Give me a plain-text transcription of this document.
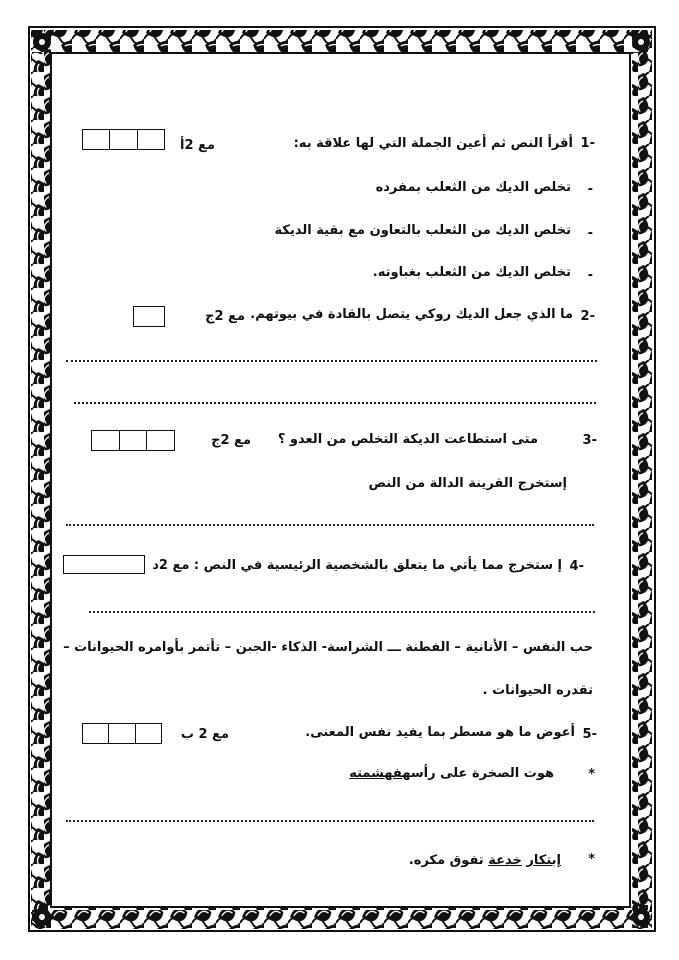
1-
أقرأ النص ثم أعين الجملة التي لها علاقة به:
مع 2أ
-
تخلص الديك من الثعلب بمفرده
-
تخلص الديك من الثعلب بالتعاون مع بقية الديكة
-
تخلص الديك من الثعلب بغباوته.
2-
ما الذي جعل الديك روكي يتصل بالقادة في بيوتهم.
مع 2ج
3-
متى استطاعت الديكة التخلص من العدو ؟
مع 2ج
إستخرج القرينة الدالة من النص
4-
إ ستخرج مما يأتي ما يتعلق بالشخصية الرئيسية في النص : مع 2د
حب النفس – الأنانية – الفطنة ـــ الشراسة- الذكاء -الجبن – تأتمر بأوامره الحيوانات –
تقدره الحيوانات .
5-
أعوض ما هو مسطر بما يفيد نفس المعنى.
مع 2 ب
*
هوت الصخرة على رأسهفهشمته
*
إبتكار خدعة تفوق مكره.
